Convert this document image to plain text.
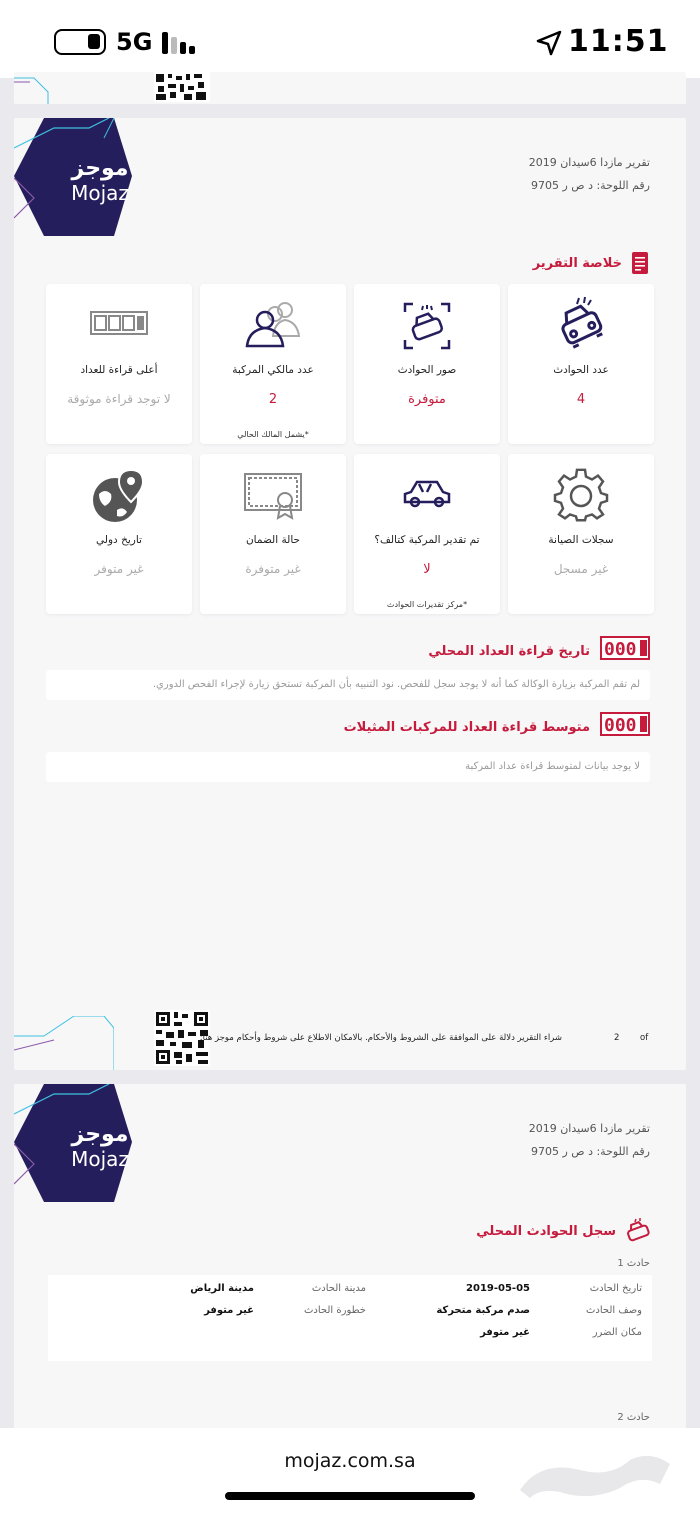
5G	11:51
موجز
Mojaz
تقرير مازدا 6سيدان 2019
رقم اللوحة: د ص ر 9705
خلاصة التقرير
عدد الحوادث
4
صور الحوادث
متوفرة
عدد مالكي المركبة
2
*يشمل المالك الحالي
أعلى قراءة للعداد
لا توجد قراءة موثوقة
سجلات الصيانة
غير مسجل
تم تقدير المركبة كتالف؟
لا
*مركز تقديرات الحوادث
حالة الضمان
غير متوفرة
تاريخ دولي
غير متوفر
000
تاريخ قراءة العداد المحلي
لم تقم المركبة بزيارة الوكالة كما أنه لا يوجد سجل للفحص. نود التنبيه بأن المركبة تستحق زيارة لإجراء الفحص الدوري.
000
متوسط قراءة العداد للمركبات المثيلات
لا يوجد بيانات لمتوسط قراءة عداد المركبة
شراء التقرير دلالة على الموافقة على الشروط والأحكام. بالامكان الاطلاع على شروط وأحكام موجز هنا:	2 of
موجز
Mojaz
تقرير مازدا 6سيدان 2019
رقم اللوحة: د ص ر 9705
سجل الحوادث المحلي
حادث 1
تاريخ الحادث
2019-05-05
مدينة الحادث
مدينة الرياض
وصف الحادث
صدم مركبة متحركة
خطورة الحادث
غير متوفر
مكان الضرر
غير متوفر
حادث 2
mojaz.com.sa
